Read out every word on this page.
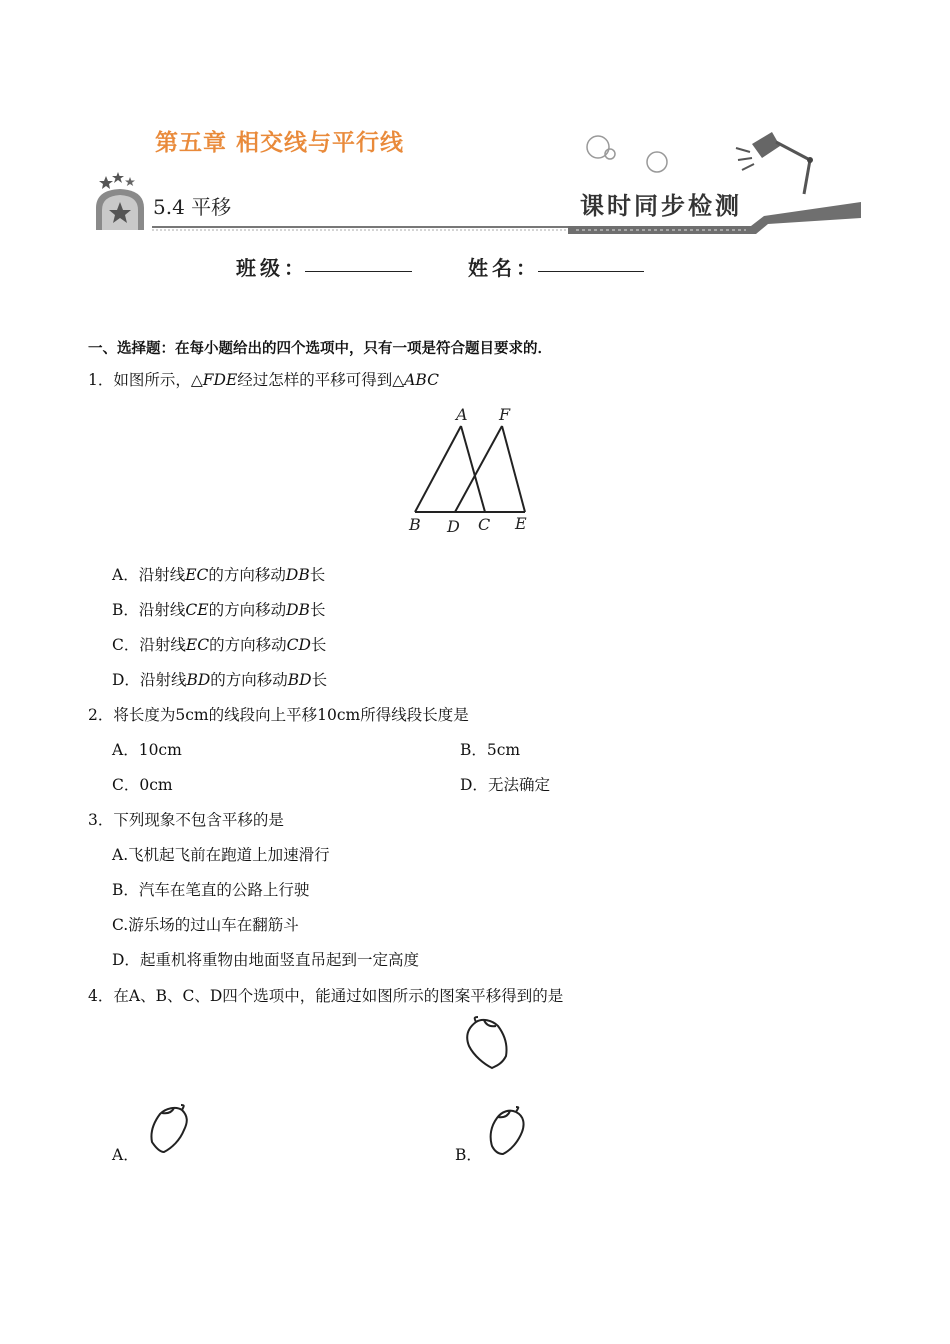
第五章 相交线与平行线
5.4 平移	课时同步检测
班级：	姓名：
一、选择题：在每小题给出的四个选项中，只有一项是符合题目要求的．
1．如图所示，△FDE经过怎样的平移可得到△ABC
A F
B D C E
A．沿射线EC的方向移动DB长
B．沿射线CE的方向移动DB长
C．沿射线EC的方向移动CD长
D．沿射线BD的方向移动BD长
2．将长度为5cm的线段向上平移10cm所得线段长度是
A．10cm	B．5cm
C．0cm	D．无法确定
3．下列现象不包含平移的是
A.飞机起飞前在跑道上加速滑行
B．汽车在笔直的公路上行驶
C.游乐场的过山车在翻筋斗
D．起重机将重物由地面竖直吊起到一定高度
4．在A、B、C、D四个选项中，能通过如图所示的图案平移得到的是
A．	B．
